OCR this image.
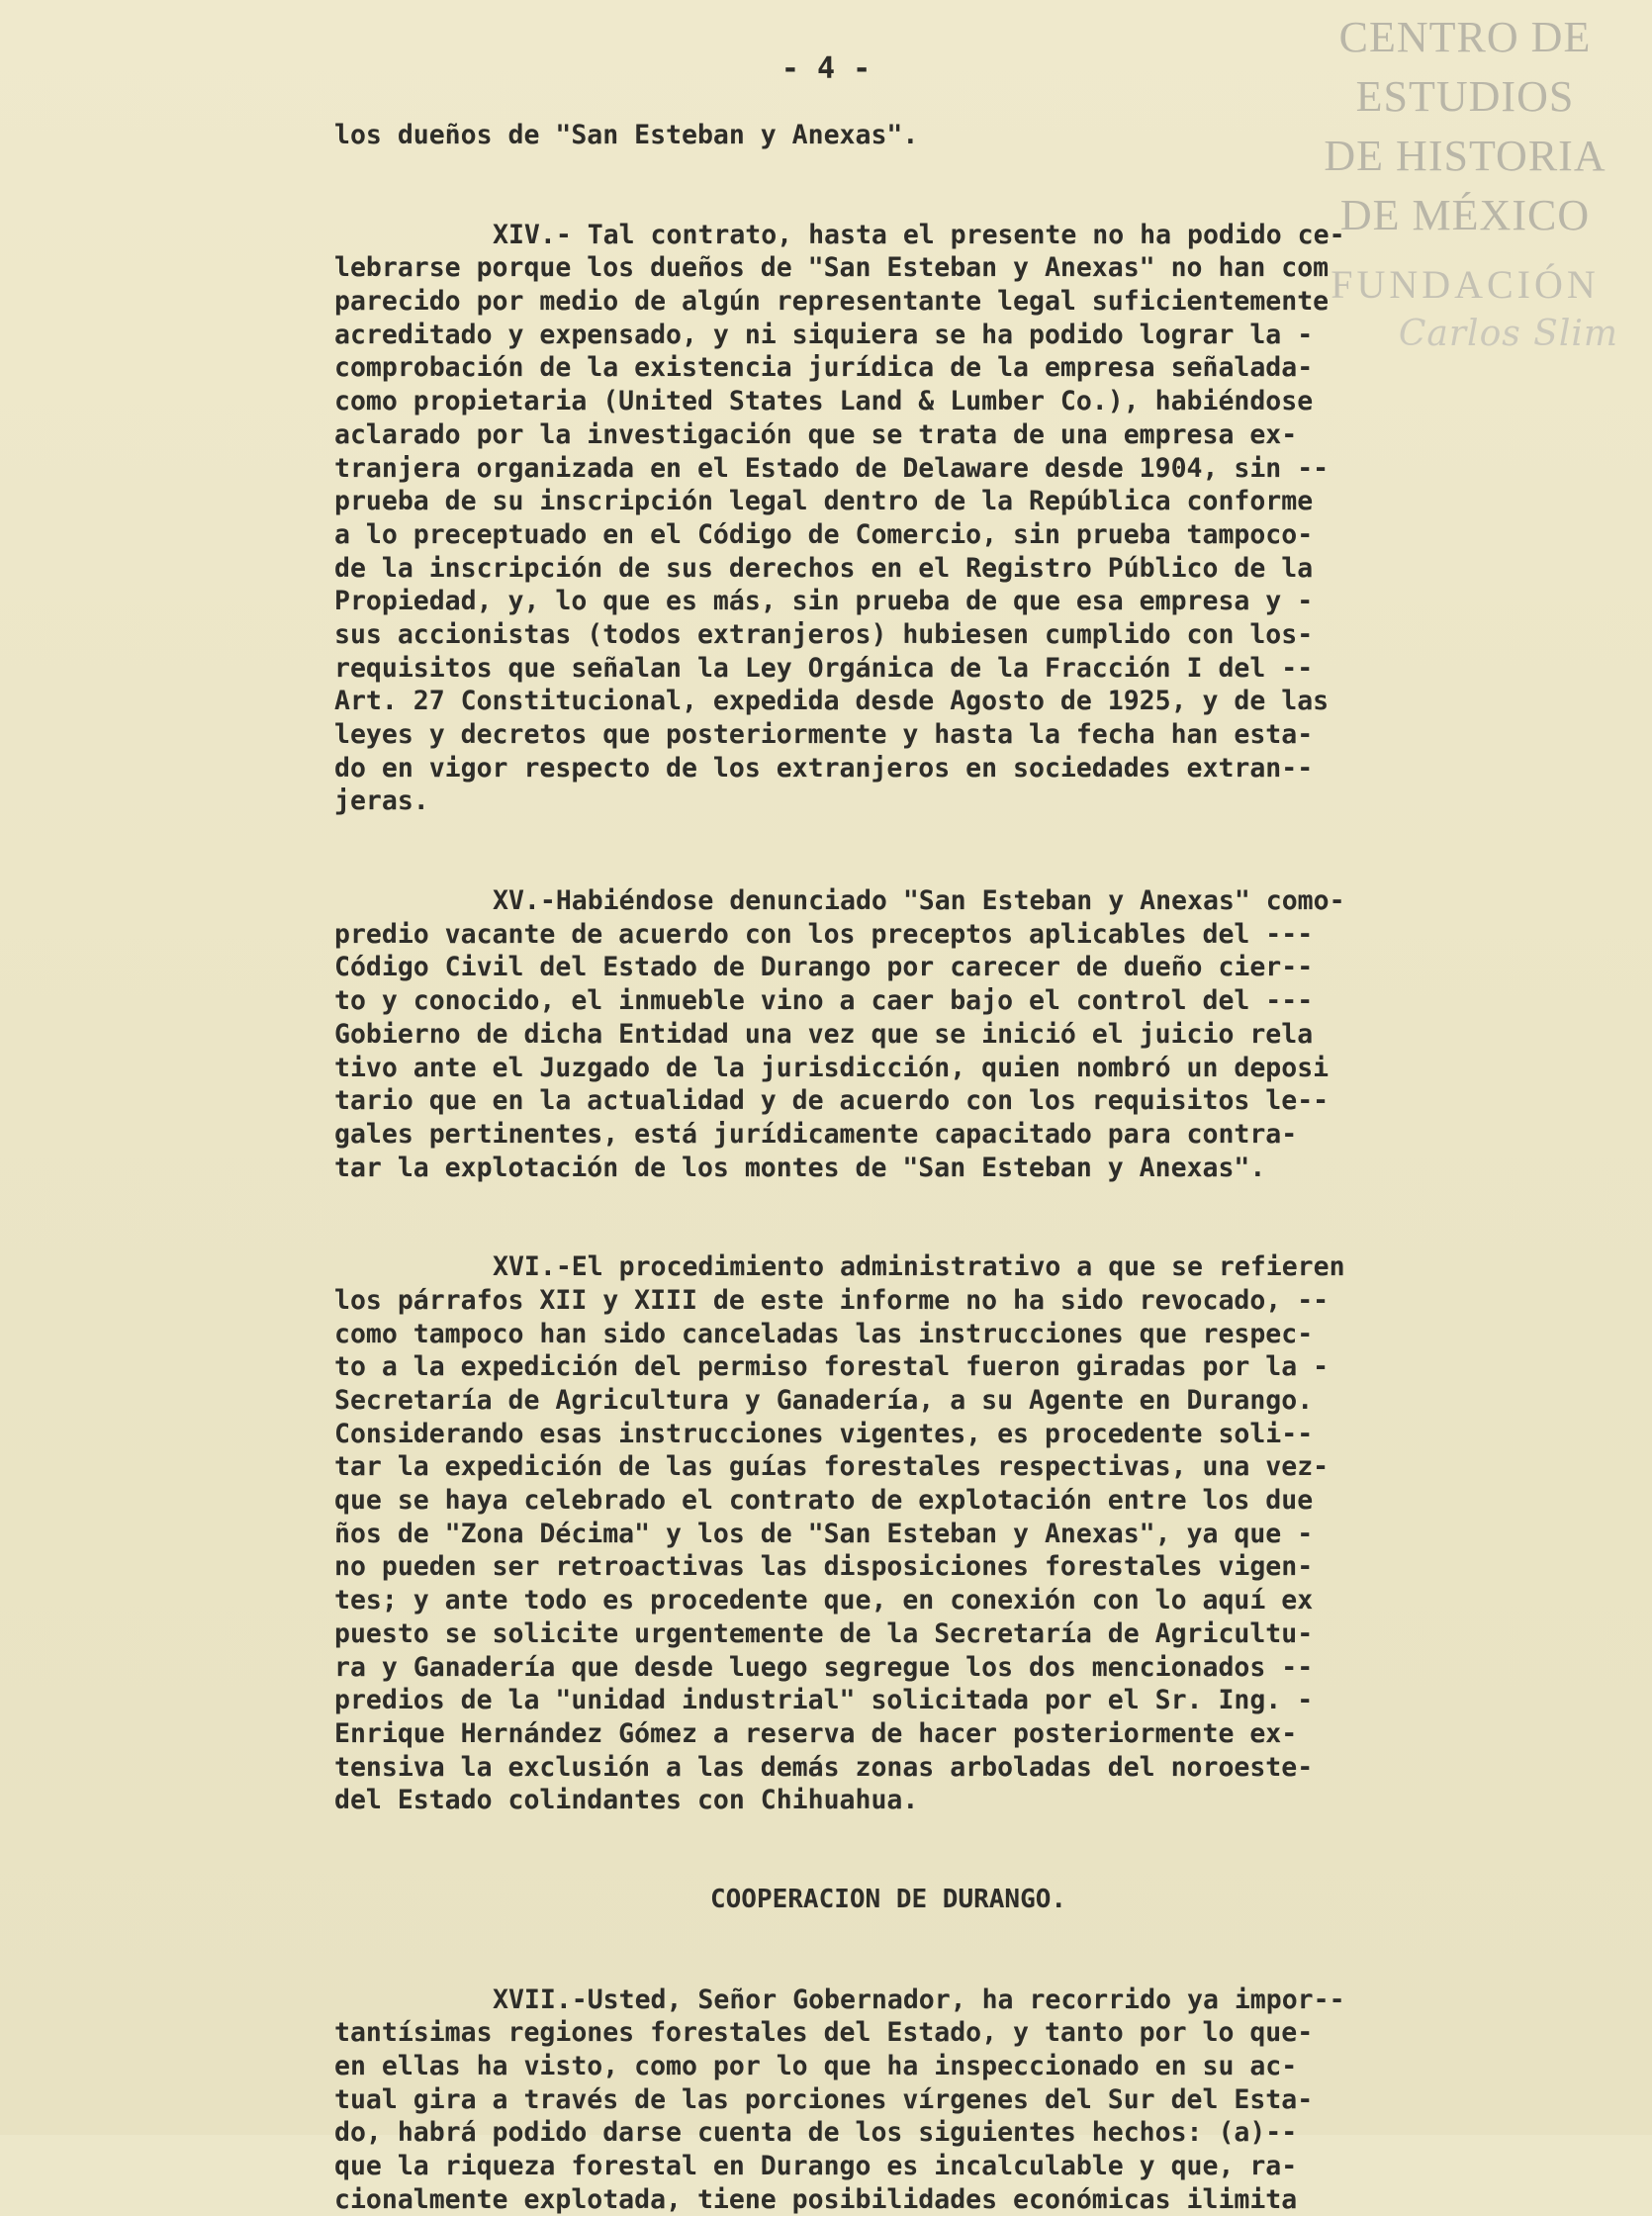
CENTRO DE
ESTUDIOS
DE HISTORIA
DE MÉXICO
FUNDACIÓN
Carlos Slim
- 4 -
los dueños de "San Esteban y Anexas".
XIV.- Tal contrato, hasta el presente no ha podido ce-
lebrarse porque los dueños de "San Esteban y Anexas" no han com
parecido por medio de algún representante legal suficientemente
acreditado y expensado, y ni siquiera se ha podido lograr la -
comprobación de la existencia jurídica de la empresa señalada-
como propietaria (United States Land & Lumber Co.), habiéndose
aclarado por la investigación que se trata de una empresa ex-
tranjera organizada en el Estado de Delaware desde 1904, sin --
prueba de su inscripción legal dentro de la República conforme
a lo preceptuado en el Código de Comercio, sin prueba tampoco-
de la inscripción de sus derechos en el Registro Público de la
Propiedad, y, lo que es más, sin prueba de que esa empresa y -
sus accionistas (todos extranjeros) hubiesen cumplido con los-
requisitos que señalan la Ley Orgánica de la Fracción I del --
Art. 27 Constitucional, expedida desde Agosto de 1925, y de las
leyes y decretos que posteriormente y hasta la fecha han esta-
do en vigor respecto de los extranjeros en sociedades extran--
jeras.
XV.-Habiéndose denunciado "San Esteban y Anexas" como-
predio vacante de acuerdo con los preceptos aplicables del ---
Código Civil del Estado de Durango por carecer de dueño cier--
to y conocido, el inmueble vino a caer bajo el control del ---
Gobierno de dicha Entidad una vez que se inició el juicio rela
tivo ante el Juzgado de la jurisdicción, quien nombró un deposi
tario que en la actualidad y de acuerdo con los requisitos le--
gales pertinentes, está jurídicamente capacitado para contra-
tar la explotación de los montes de "San Esteban y Anexas".
XVI.-El procedimiento administrativo a que se refieren
los párrafos XII y XIII de este informe no ha sido revocado, --
como tampoco han sido canceladas las instrucciones que respec-
to a la expedición del permiso forestal fueron giradas por la -
Secretaría de Agricultura y Ganadería, a su Agente en Durango.
Considerando esas instrucciones vigentes, es procedente soli--
tar la expedición de las guías forestales respectivas, una vez-
que se haya celebrado el contrato de explotación entre los due
ños de "Zona Décima" y los de "San Esteban y Anexas", ya que -
no pueden ser retroactivas las disposiciones forestales vigen-
tes; y ante todo es procedente que, en conexión con lo aquí ex
puesto se solicite urgentemente de la Secretaría de Agricultu-
ra y Ganadería que desde luego segregue los dos mencionados --
predios de la "unidad industrial" solicitada por el Sr. Ing. -
Enrique Hernández Gómez a reserva de hacer posteriormente ex-
tensiva la exclusión a las demás zonas arboladas del noroeste-
del Estado colindantes con Chihuahua.
COOPERACION DE DURANGO.
XVII.-Usted, Señor Gobernador, ha recorrido ya impor--
tantísimas regiones forestales del Estado, y tanto por lo que-
en ellas ha visto, como por lo que ha inspeccionado en su ac-
tual gira a través de las porciones vírgenes del Sur del Esta-
do, habrá podido darse cuenta de los siguientes hechos: (a)--
que la riqueza forestal en Durango es incalculable y que, ra-
cionalmente explotada, tiene posibilidades económicas ilimita
